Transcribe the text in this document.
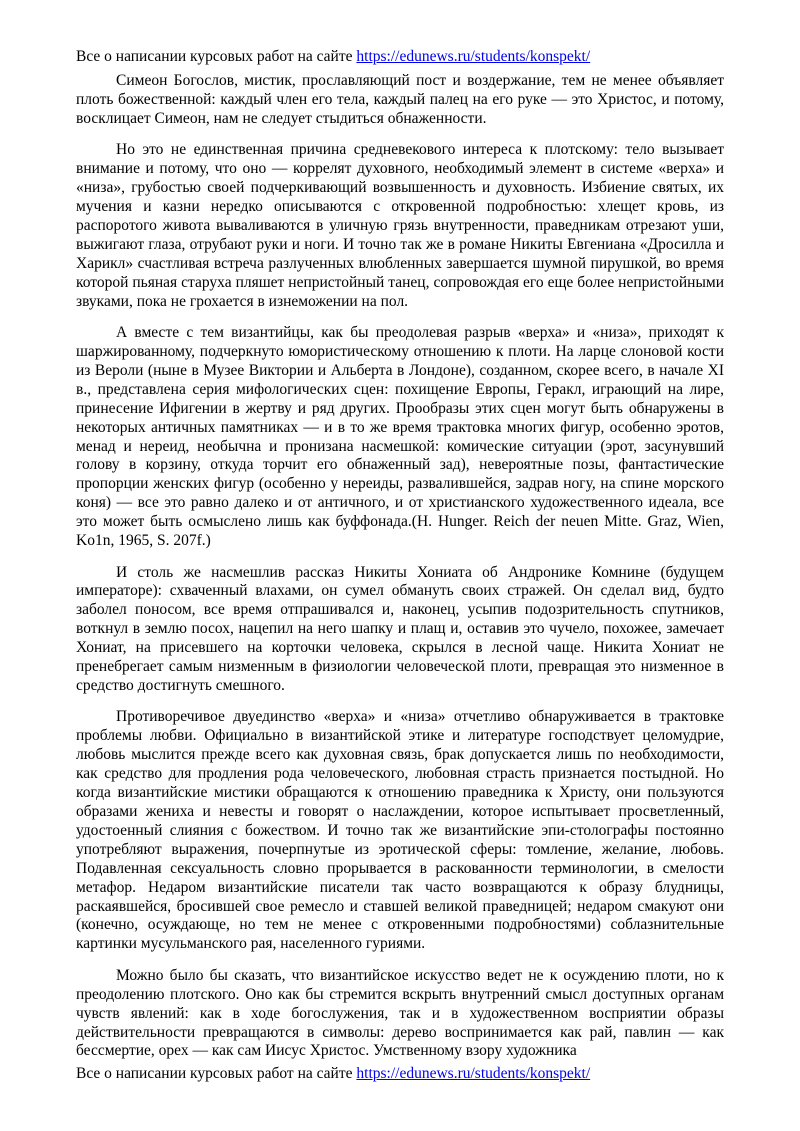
Все о написании курсовых работ на сайте https://edunews.ru/students/konspekt/

Симеон Богослов, мистик, прославляющий пост и воздержание, тем не менее объявляет плоть божественной: каждый член его тела, каждый палец на его руке — это Христос, и потому, восклицает Симеон, нам не следует стыдиться обнаженности.

Но это не единственная причина средневекового интереса к плотскому: тело вызывает внимание и потому, что оно — коррелят духовного, необходимый элемент в системе «верха» и «низа», грубостью своей подчеркивающий возвышенность и духовность. Избиение святых, их мучения и казни нередко описываются с откровенной подробностью: хлещет кровь, из распоротого живота вываливаются в уличную грязь внутренности, праведникам отрезают уши, выжигают глаза, отрубают руки и ноги. И точно так же в романе Никиты Евгениана «Дросилла и Харикл» счастливая встреча разлученных влюбленных завершается шумной пирушкой, во время которой пьяная старуха пляшет непристойный танец, сопровождая его еще более непристойными звуками, пока не грохается в изнеможении на пол.

А вместе с тем византийцы, как бы преодолевая разрыв «верха» и «низа», приходят к шаржированному, подчеркнуто юмористическому отношению к плоти. На ларце слоновой кости из Вероли (ныне в Музее Виктории и Альберта в Лондоне), созданном, скорее всего, в начале XI в., представлена серия мифологических сцен: похищение Европы, Геракл, играющий на лире, принесение Ифигении в жертву и ряд других. Прообразы этих сцен могут быть обнаружены в некоторых античных памятниках — и в то же время трактовка многих фигур, особенно эротов, менад и нереид, необычна и пронизана насмешкой: комические ситуации (эрот, засунувший голову в корзину, откуда торчит его обнаженный зад), невероятные позы, фантастические пропорции женских фигур (особенно у нереиды, развалившейся, задрав ногу, на спине морского коня) — все это равно далеко и от античного, и от христианского художественного идеала, все это может быть осмыслено лишь как буффонада.(H. Hunger. Reich der neuen Mitte. Graz, Wien, Ko1n, 1965, S. 207f.)

И столь же насмешлив рассказ Никиты Хониата об Андронике Комнине (будущем императоре): схваченный влахами, он сумел обмануть своих стражей. Он сделал вид, будто заболел поносом, все время отпрашивался и, наконец, усыпив подозрительность спутников, воткнул в землю посох, нацепил на него шапку и плащ и, оставив это чучело, похожее, замечает Хониат, на присевшего на корточки человека, скрылся в лесной чаще. Никита Хониат не пренебрегает самым низменным в физиологии человеческой плоти, превращая это низменное в средство достигнуть смешного.

Противоречивое двуединство «верха» и «низа» отчетливо обнаруживается в трактовке проблемы любви. Официально в византийской этике и литературе господствует целомудрие, любовь мыслится прежде всего как духовная связь, брак допускается лишь по необходимости, как средство для продления рода человеческого, любовная страсть признается постыдной. Но когда византийские мистики обращаются к отношению праведника к Христу, они пользуются образами жениха и невесты и говорят о наслаждении, которое испытывает просветленный, удостоенный слияния с божеством. И точно так же византийские эпи-столографы постоянно употребляют выражения, почерпнутые из эротической сферы: томление, желание, любовь. Подавленная сексуальность словно прорывается в раскованности терминологии, в смелости метафор. Недаром византийские писатели так часто возвращаются к образу блудницы, раскаявшейся, бросившей свое ремесло и ставшей великой праведницей; недаром смакуют они (конечно, осуждающе, но тем не менее с откровенными подробностями) соблазнительные картинки мусульманского рая, населенного гуриями.

Можно было бы сказать, что византийское искусство ведет не к осуждению плоти, но к преодолению плотского. Оно как бы стремится вскрыть внутренний смысл доступных органам чувств явлений: как в ходе богослужения, так и в художественном восприятии образы действительности превращаются в символы: дерево воспринимается как рай, павлин — как бессмертие, орех — как сам Иисус Христос. Умственному взору художника

Все о написании курсовых работ на сайте https://edunews.ru/students/konspekt/
